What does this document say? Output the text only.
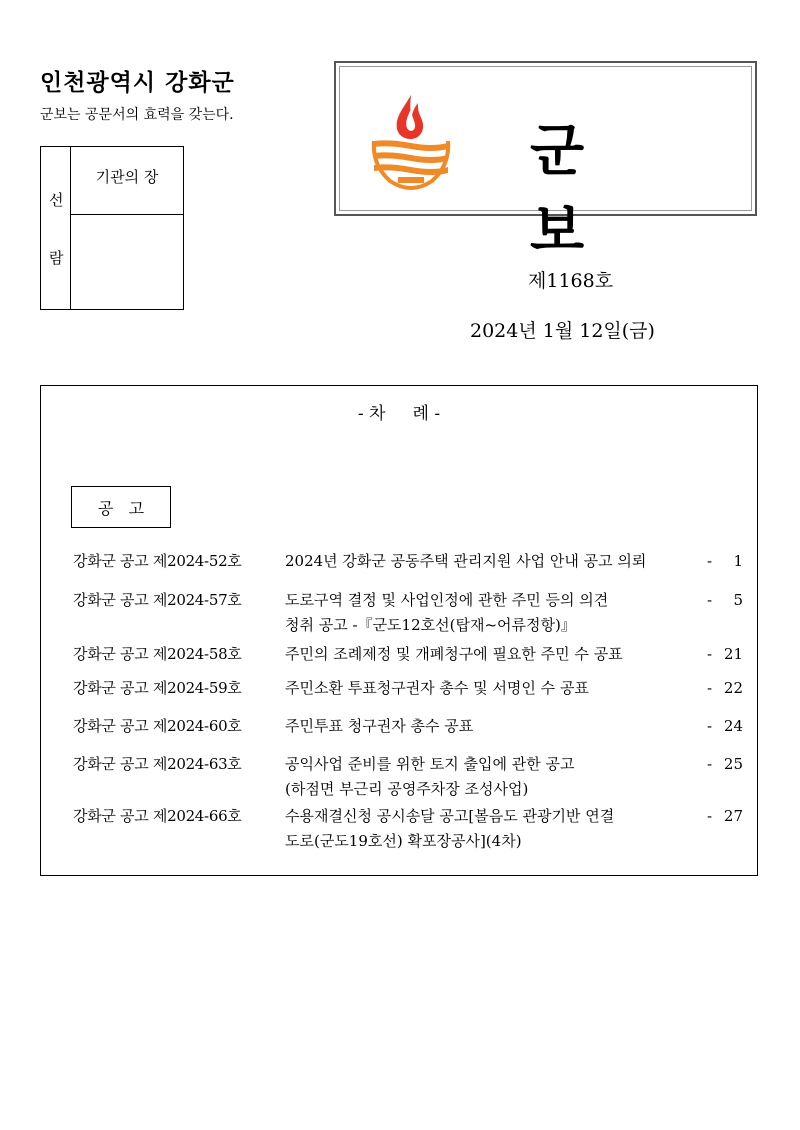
인천광역시 강화군
군보는 공문서의 효력을 갖는다.
선
람
기관의 장	군보
제1168호
2024년 1월 12일(금)
- 차     례 -
공   고
강화군 공고 제2024-52호	2024년 강화군 공동주택 관리지원 사업 안내 공고 의뢰	- 1
강화군 공고 제2024-57호	도로구역 결정 및 사업인정에 관한 주민 등의 의견
청취 공고 -『군도12호선(탑재~어류정항)』
- 5
강화군 공고 제2024-58호	주민의 조례제정 및 개폐청구에 필요한 주민 수 공표	- 21
강화군 공고 제2024-59호	주민소환 투표청구권자 총수 및 서명인 수 공표	- 22
강화군 공고 제2024-60호	주민투표 청구권자 총수 공표	- 24
강화군 공고 제2024-63호	공익사업 준비를 위한 토지 출입에 관한 공고
(하점면 부근리 공영주차장 조성사업)
- 25
강화군 공고 제2024-66호	수용재결신청 공시송달 공고[볼음도 관광기반 연결
도로(군도19호선) 확포장공사](4차)
- 27
